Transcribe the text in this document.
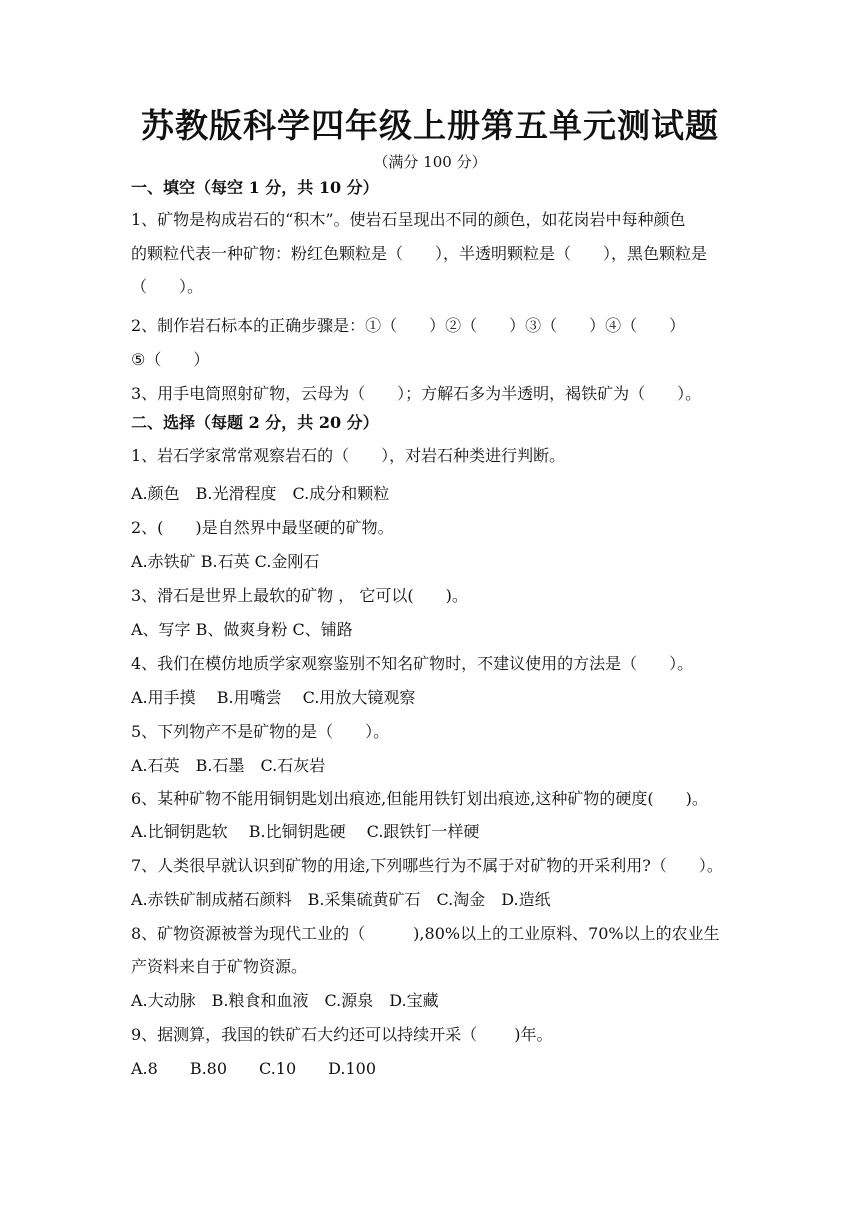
苏教版科学四年级上册第五单元测试题
（满分 100 分）
一、填空（每空 1 分，共 10 分）
1、矿物是构成岩石的“积木”。使岩石呈现出不同的颜色，如花岗岩中每种颜色
的颗粒代表一种矿物：粉红色颗粒是（　　），半透明颗粒是（　　），黑色颗粒是
（　　）。
2、制作岩石标本的正确步骤是：①（　　）②（　　）③（　　）④（　　）
⑤（　　）
3、用手电筒照射矿物，云母为（　　）；方解石多为半透明，褐铁矿为（　　）。
二、选择（每题 2 分，共 20 分）
1、岩石学家常常观察岩石的（　　），对岩石种类进行判断。
A.颜色　B.光滑程度　C.成分和颗粒
2、(　　)是自然界中最坚硬的矿物。
A.赤铁矿 B.石英 C.金刚石
3、滑石是世界上最软的矿物 ， 它可以(　　)。
A、写字 B、做爽身粉 C、铺路
4、我们在模仿地质学家观察鉴别不知名矿物时，不建议使用的方法是（　　）。
A.用手摸　 B.用嘴尝　 C.用放大镜观察
5、下列物产不是矿物的是（　　）。
A.石英　B.石墨　C.石灰岩
6、某种矿物不能用铜钥匙划出痕迹,但能用铁钉划出痕迹,这种矿物的硬度(　　)。
A.比铜钥匙软　 B.比铜钥匙硬　 C.跟铁钉一样硬
7、人类很早就认识到矿物的用途,下列哪些行为不属于对矿物的开采利用?（　　）。
A.赤铁矿制成赭石颜料　B.采集硫黄矿石　C.淘金　D.造纸
8、矿物资源被誉为现代工业的（　　　),80%以上的工业原料、70%以上的农业生
产资料来自于矿物资源。
A.大动脉　B.粮食和血液　C.源泉　D.宝藏
9、据测算，我国的铁矿石大约还可以持续开采（　　 )年。
A.8　　B.80　　C.10　　D.100
